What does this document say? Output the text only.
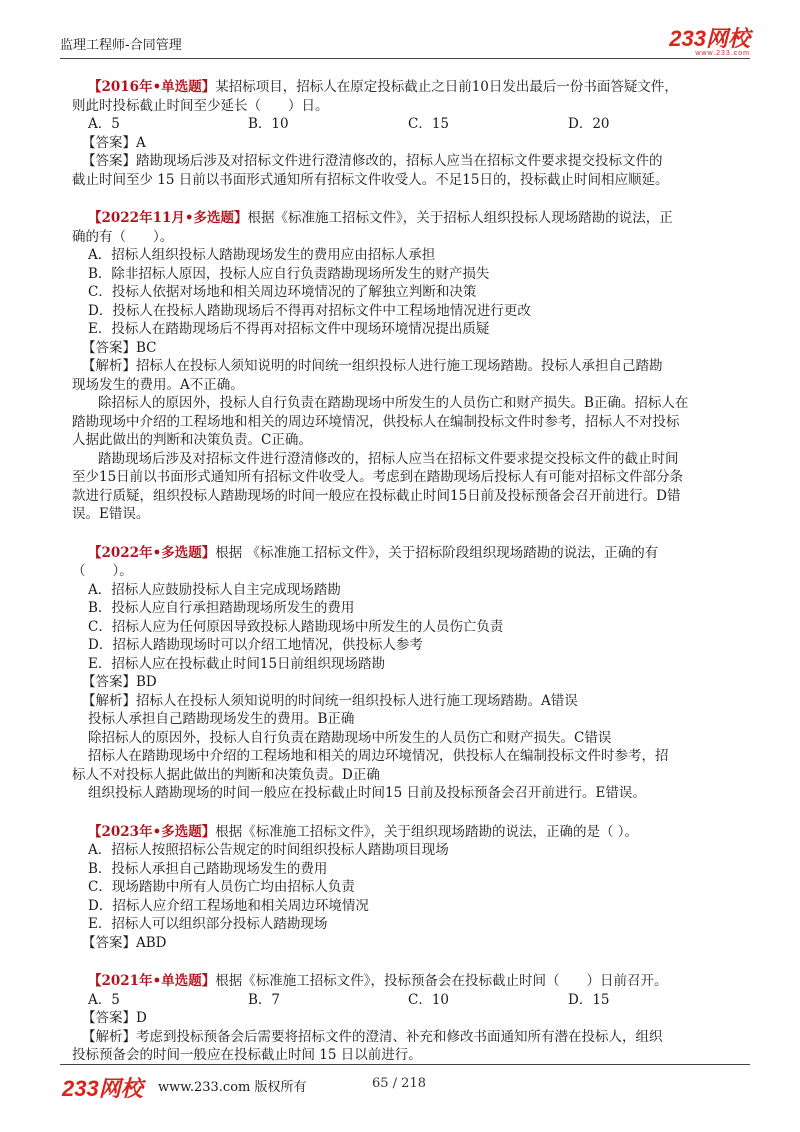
监理工程师-合同管理	233网校
www.233.com
【2016年•单选题】某招标项目，招标人在原定投标截止之日前10日发出最后一份书面答疑文件，
则此时投标截止时间至少延长（　　）日。
A．5	B．10	C．15	D．20
【答案】A
【答案】踏勘现场后涉及对招标文件进行澄清修改的，招标人应当在招标文件要求提交投标文件的
截止时间至少 15 日前以书面形式通知所有招标文件收受人。不足15日的，投标截止时间相应顺延。
【2022年11月•多选题】根据《标准施工招标文件》，关于招标人组织投标人现场踏勘的说法，正
确的有（　　）。
A．招标人组织投标人踏勘现场发生的费用应由招标人承担
B．除非招标人原因，投标人应自行负责踏勘现场所发生的财产损失
C．投标人依据对场地和相关周边环境情况的了解独立判断和决策
D．投标人在投标人踏勘现场后不得再对招标文件中工程场地情况进行更改
E．投标人在踏勘现场后不得再对招标文件中现场环境情况提出质疑
【答案】BC
【解析】招标人在投标人须知说明的时间统一组织投标人进行施工现场踏勘。投标人承担自己踏勘
现场发生的费用。A不正确。
除招标人的原因外，投标人自行负责在踏勘现场中所发生的人员伤亡和财产损失。B正确。招标人在
踏勘现场中介绍的工程场地和相关的周边环境情况，供投标人在编制投标文件时参考，招标人不对投标
人据此做出的判断和决策负责。C正确。
踏勘现场后涉及对招标文件进行澄清修改的，招标人应当在招标文件要求提交投标文件的截止时间
至少15日前以书面形式通知所有招标文件收受人。考虑到在踏勘现场后投标人有可能对招标文件部分条
款进行质疑，组织投标人踏勘现场的时间一般应在投标截止时间15日前及投标预备会召开前进行。D错
误。E错误。
【2022年•多选题】根据 《标准施工招标文件》，关于招标阶段组织现场踏勘的说法，正确的有
（　　）。
A．招标人应鼓励投标人自主完成现场踏勘
B．投标人应自行承担踏勘现场所发生的费用
C．招标人应为任何原因导致投标人踏勘现场中所发生的人员伤亡负责
D．招标人踏勘现场时可以介绍工地情况，供投标人参考
E．招标人应在投标截止时间15日前组织现场踏勘
【答案】BD
【解析】招标人在投标人须知说明的时间统一组织投标人进行施工现场踏勘。A错误
投标人承担自己踏勘现场发生的费用。B正确
除招标人的原因外，投标人自行负责在踏勘现场中所发生的人员伤亡和财产损失。C错误
招标人在踏勘现场中介绍的工程场地和相关的周边环境情况，供投标人在编制投标文件时参考，招
标人不对投标人据此做出的判断和决策负责。D正确
组织投标人踏勘现场的时间一般应在投标截止时间15 日前及投标预备会召开前进行。E错误。
【2023年•多选题】根据《标准施工招标文件》，关于组织现场踏勘的说法，正确的是（ ）。
A．招标人按照招标公告规定的时间组织投标人踏勘项目现场
B．投标人承担自己踏勘现场发生的费用
C．现场踏勘中所有人员伤亡均由招标人负责
D．招标人应介绍工程场地和相关周边环境情况
E．招标人可以组织部分投标人踏勘现场
【答案】ABD
【2021年•单选题】根据《标准施工招标文件》，投标预备会在投标截止时间（　　）日前召开。
A．5	B．7	C．10	D．15
【答案】D
【解析】考虑到投标预备会后需要将招标文件的澄清、补充和修改书面通知所有潜在投标人，组织
投标预备会的时间一般应在投标截止时间 15 日以前进行。
233网校 www.233.com 版权所有	65 / 218
